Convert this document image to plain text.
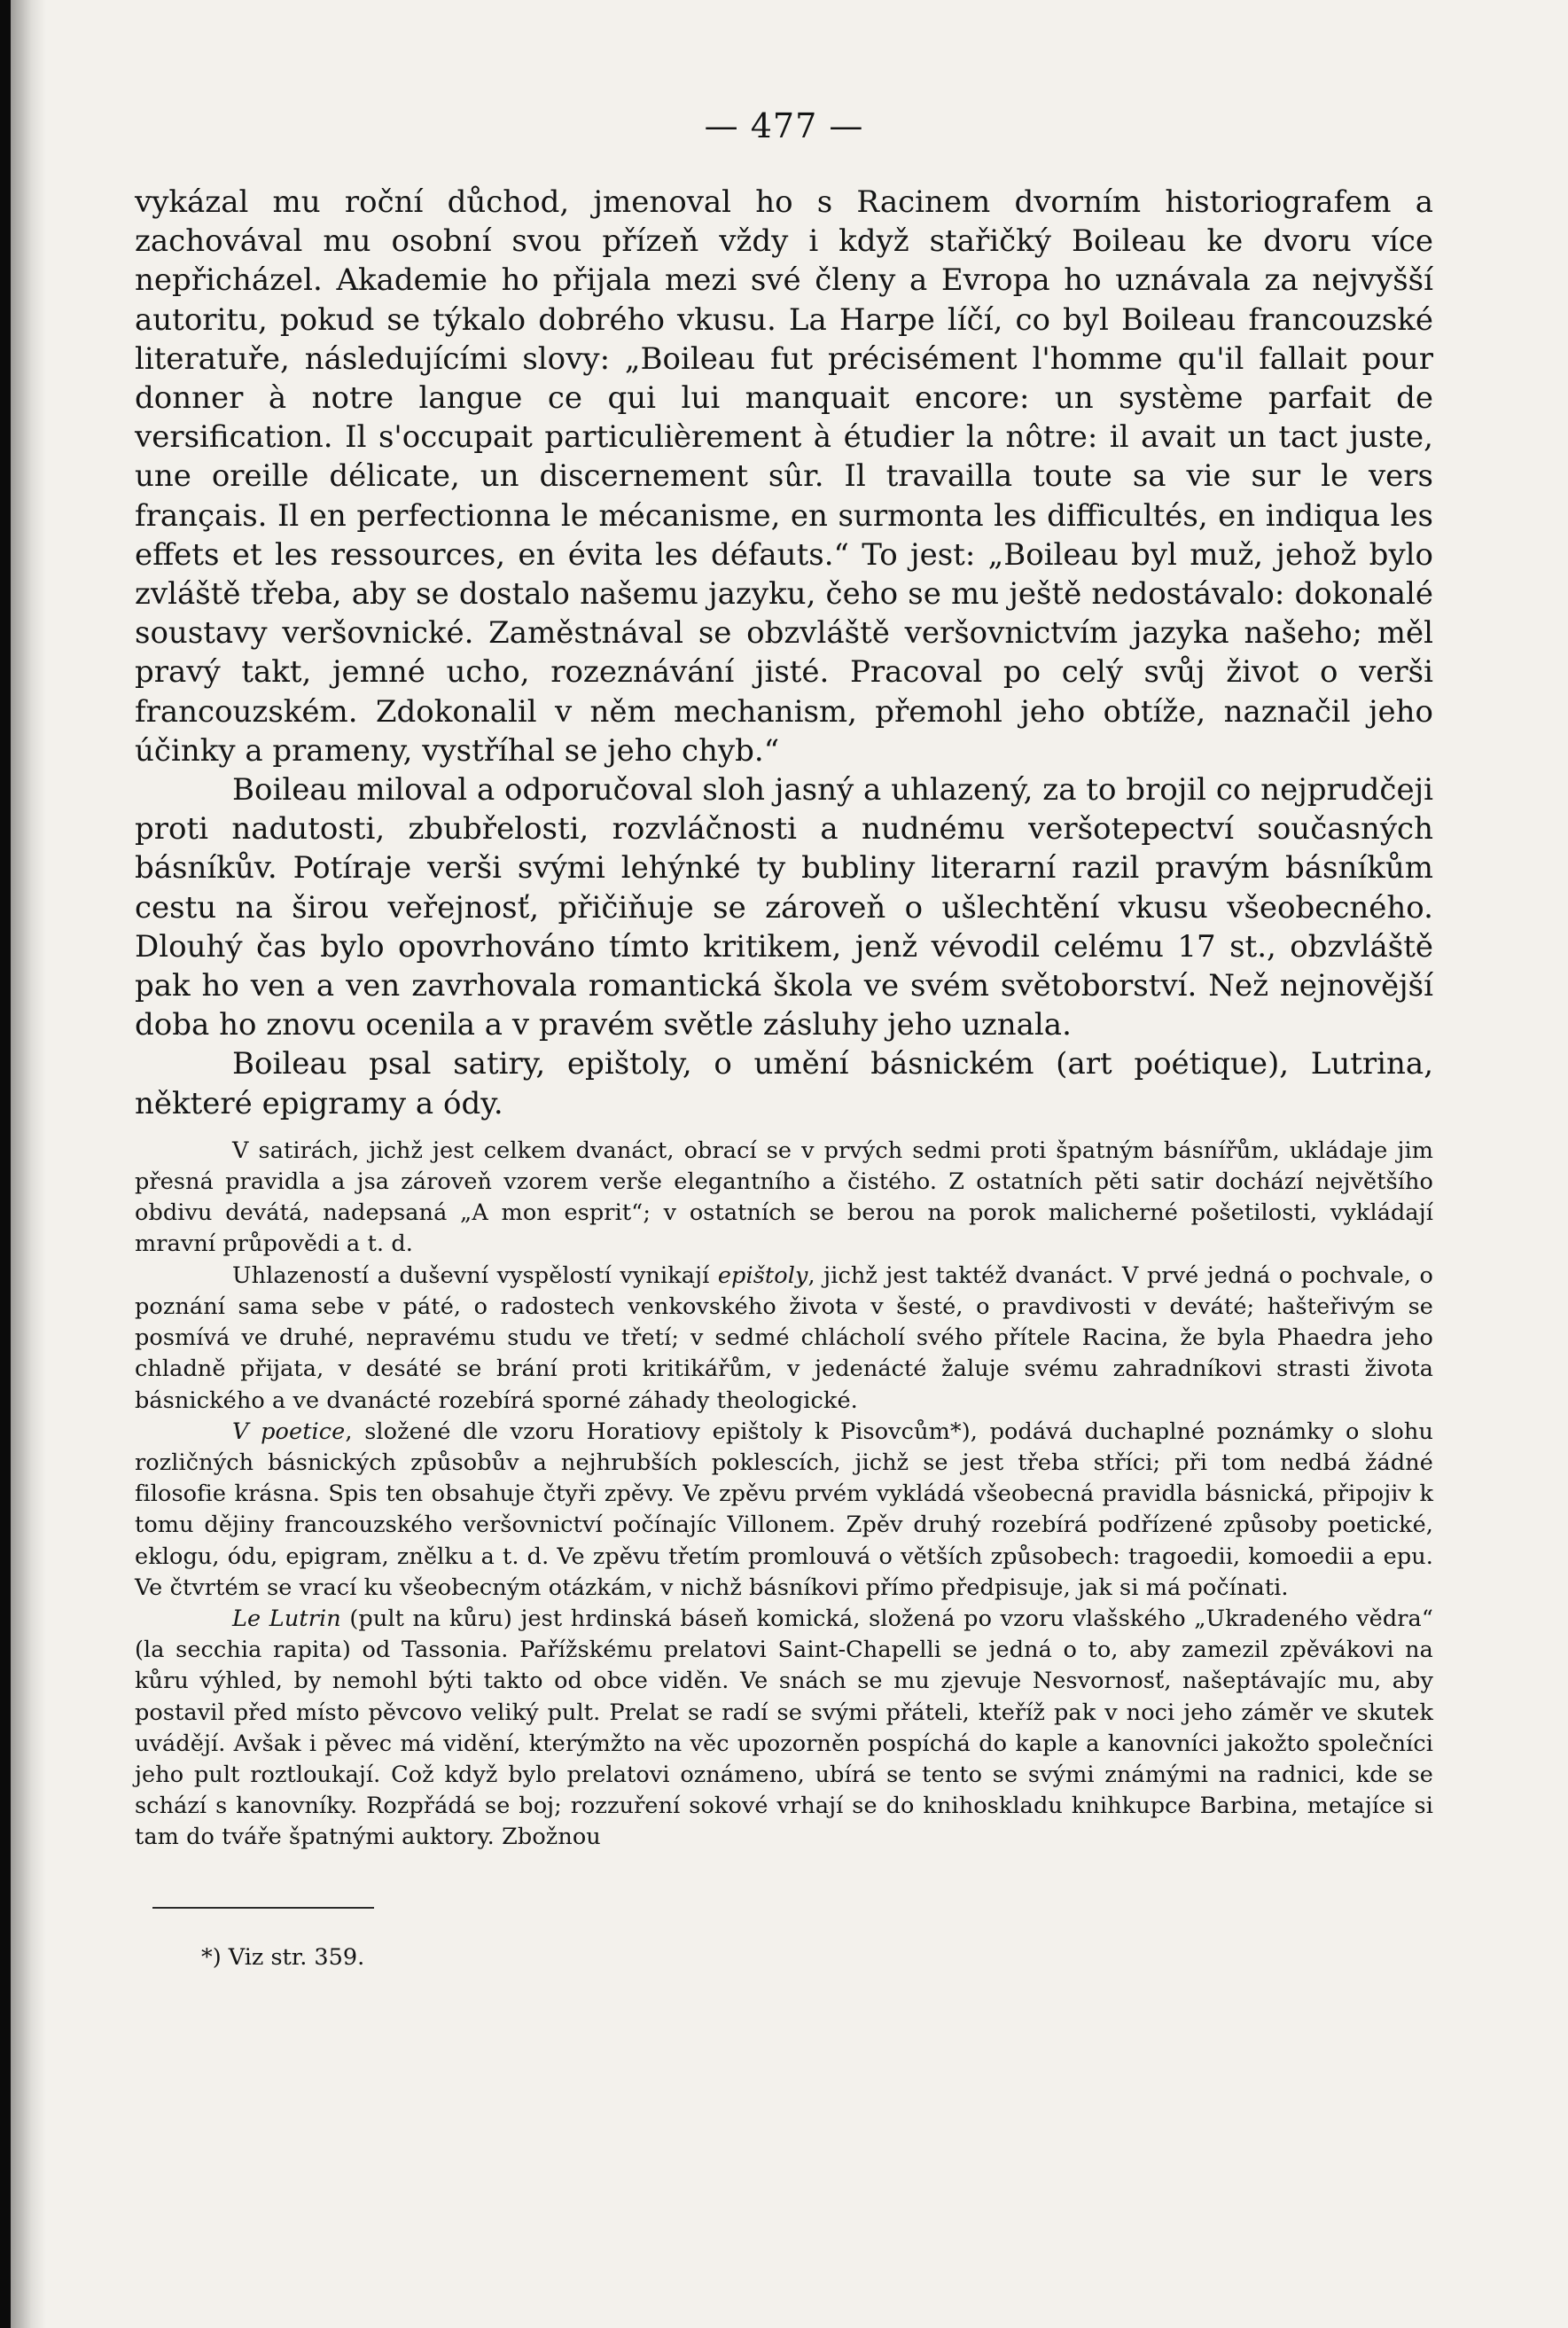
— 477 —

vykázal mu roční důchod, jmenoval ho s Racinem dvorním historiografem a zachovával mu osobní svou přízeň vždy i když stařičký Boileau ke dvoru více nepřicházel. Akademie ho přijala mezi své členy a Evropa ho uznávala za nejvyšší autoritu, pokud se týkalo dobrého vkusu. La Harpe líčí, co byl Boileau francouzské literatuře, následujícími slovy: „Boileau fut précisément l'homme qu'il fallait pour donner à notre langue ce qui lui manquait encore: un système parfait de versification. Il s'occupait particulièrement à étudier la nôtre: il avait un tact juste, une oreille délicate, un discernement sûr. Il travailla toute sa vie sur le vers français. Il en perfectionna le mécanisme, en surmonta les difficultés, en indiqua les effets et les ressources, en évita les défauts.“ To jest: „Boileau byl muž, jehož bylo zvláště třeba, aby se dostalo našemu jazyku, čeho se mu ještě nedostávalo: dokonalé soustavy veršovnické. Zaměstnával se obzvláště veršovnictvím jazyka našeho; měl pravý takt, jemné ucho, rozeznávání jisté. Pracoval po celý svůj život o verši francouzském. Zdokonalil v něm mechanism, přemohl jeho obtíže, naznačil jeho účinky a prameny, vystříhal se jeho chyb.“

Boileau miloval a odporučoval sloh jasný a uhlazený, za to brojil co nejprudčeji proti nadutosti, zbubřelosti, rozvláčnosti a nudnému veršotepectví současných básníkův. Potíraje verši svými lehýnké ty bubliny literarní razil pravým básníkům cestu na širou veřejnosť, přičiňuje se zároveň o ušlechtění vkusu všeobecného. Dlouhý čas bylo opovrhováno tímto kritikem, jenž vévodil celému 17 st., obzvláště pak ho ven a ven zavrhovala romantická škola ve svém světoborství. Než nejnovější doba ho znovu ocenila a v pravém světle zásluhy jeho uznala.

Boileau psal satiry, epištoly, o umění básnickém (art poétique), Lutrina, některé epigramy a ódy.

V satirách, jichž jest celkem dvanáct, obrací se v prvých sedmi proti špatným básnířům, ukládaje jim přesná pravidla a jsa zároveň vzorem verše elegantního a čistého. Z ostatních pěti satir dochází největšího obdivu devátá, nadepsaná „A mon esprit“; v ostatních se berou na porok malicherné pošetilosti, vykládají mravní průpovědi a t. d.

Uhlazeností a duševní vyspělostí vynikají epištoly, jichž jest taktéž dvanáct. V prvé jedná o pochvale, o poznání sama sebe v páté, o radostech venkovského života v šesté, o pravdivosti v deváté; hašteřivým se posmívá ve druhé, nepravému studu ve třetí; v sedmé chlácholí svého přítele Racina, že byla Phaedra jeho chladně přijata, v desáté se brání proti kritikářům, v jedenácté žaluje svému zahradníkovi strasti života básnického a ve dvanácté rozebírá sporné záhady theologické.

V poetice, složené dle vzoru Horatiovy epištoly k Pisovcům*), podává duchaplné poznámky o slohu rozličných básnických způsobův a nejhrubších poklescích, jichž se jest třeba stříci; při tom nedbá žádné filosofie krásna. Spis ten obsahuje čtyři zpěvy. Ve zpěvu prvém vykládá všeobecná pravidla básnická, připojiv k tomu dějiny francouzského veršovnictví počínajíc Villonem. Zpěv druhý rozebírá podřízené způsoby poetické, eklogu, ódu, epigram, znělku a t. d. Ve zpěvu třetím promlouvá o větších způsobech: tragoedii, komoedii a epu. Ve čtvrtém se vrací ku všeobecným otázkám, v nichž básníkovi přímo předpisuje, jak si má počínati.

Le Lutrin (pult na kůru) jest hrdinská báseň komická, složená po vzoru vlašského „Ukradeného vědra“ (la secchia rapita) od Tassonia. Pařížskému prelatovi Saint-Chapelli se jedná o to, aby zamezil zpěvákovi na kůru výhled, by nemohl býti takto od obce viděn. Ve snách se mu zjevuje Nesvornosť, našeptávajíc mu, aby postavil před místo pěvcovo veliký pult. Prelat se radí se svými přáteli, kteříž pak v noci jeho záměr ve skutek uvádějí. Avšak i pěvec má vidění, kterýmžto na věc upozorněn pospíchá do kaple a kanovníci jakožto společníci jeho pult roztloukají. Což když bylo prelatovi oznámeno, ubírá se tento se svými známými na radnici, kde se schází s kanovníky. Rozpřádá se boj; rozzuření sokové vrhají se do knihoskladu knihkupce Barbina, metajíce si tam do tváře špatnými auktory. Zbožnou

*) Viz str. 359.
